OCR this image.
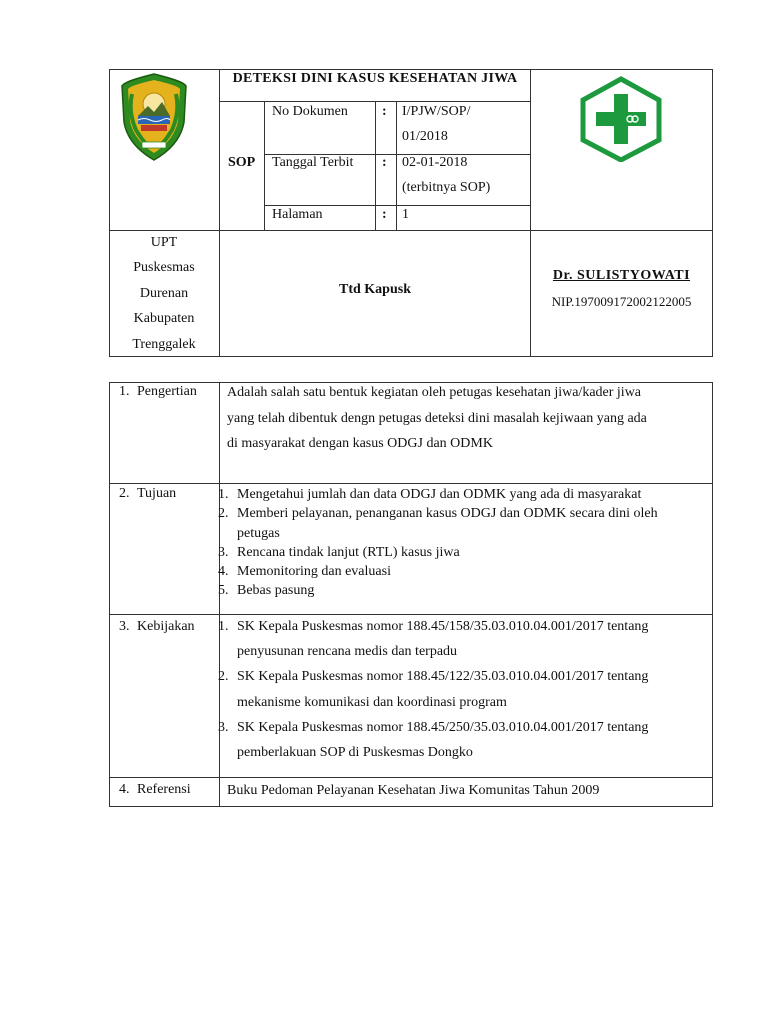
DETEKSI DINI KASUS KESEHATAN JIWA
SOP
No Dokumen : I/PJW/SOP/
01/2018
Tanggal Terbit : 02-01-2018
(terbitnya SOP)
Halaman	: 1
UPT
Puskesmas
Durenan
Kabupaten
Trenggalek
Ttd Kapusk
Dr. SULISTYOWATI
NIP.197009172002122005
1. Pengertian Adalah salah satu bentuk kegiatan oleh petugas kesehatan jiwa/kader jiwa
yang telah dibentuk dengn petugas deteksi dini masalah kejiwaan yang ada
di masyarakat dengan kasus ODGJ dan ODMK
2. Tujuan	1. Mengetahui jumlah dan data ODGJ dan ODMK yang ada di masyarakat
2. Memberi pelayanan, penanganan kasus ODGJ dan ODMK secara dini oleh
petugas
3. Rencana tindak lanjut (RTL) kasus jiwa
4. Memonitoring dan evaluasi
5. Bebas pasung
3. Kebijakan 1. SK Kepala Puskesmas nomor 188.45/158/35.03.010.04.001/2017 tentang
penyusunan rencana medis dan terpadu
2. SK Kepala Puskesmas nomor 188.45/122/35.03.010.04.001/2017 tentang
mekanisme komunikasi dan koordinasi program
3. SK Kepala Puskesmas nomor 188.45/250/35.03.010.04.001/2017 tentang
pemberlakuan SOP di Puskesmas Dongko
4. Referensi	Buku Pedoman Pelayanan Kesehatan Jiwa Komunitas Tahun 2009
